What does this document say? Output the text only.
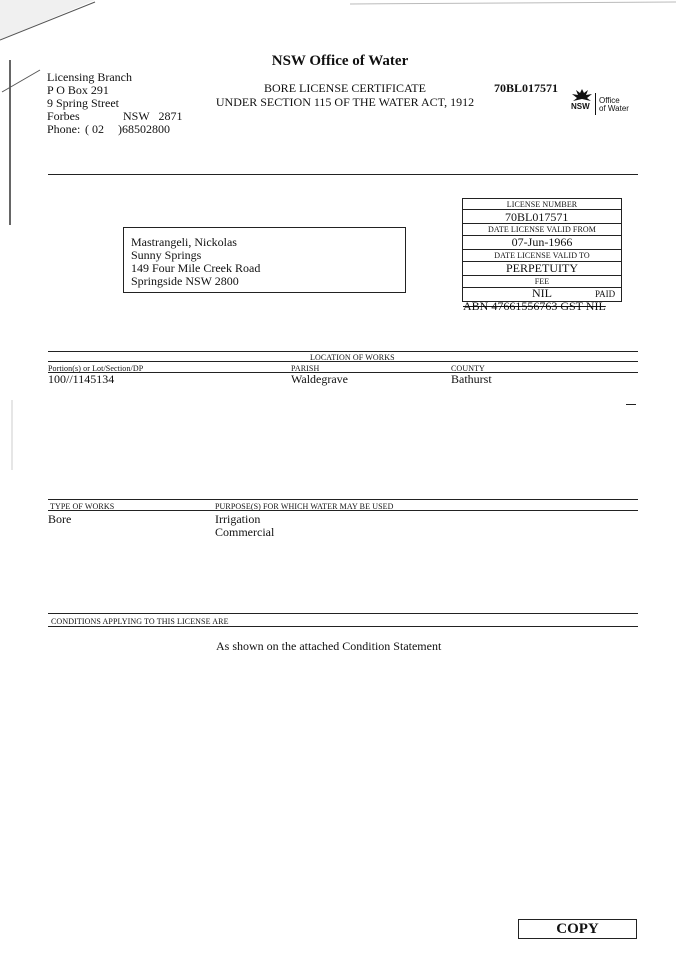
NSW Office of Water
BORE LICENSE CERTIFICATE
UNDER SECTION 115 OF THE WATER ACT, 1912
70BL017571
NSW
Office
of Water
Licensing Branch
P O Box 291
9 Spring Street
Forbes	NSW   2871
Phone: ( 02 )68502800
Mastrangeli, Nickolas
Sunny Springs
149 Four Mile Creek Road
Springside NSW 2800
LICENSE NUMBER
70BL017571
DATE LICENSE VALID FROM
07-Jun-1966
DATE LICENSE VALID TO
PERPETUITY
FEE
NIL	PAID
ABN 47661556763 GST NIL
LOCATION OF WORKS
Portion(s) or Lot/Section/DP	PARISH	COUNTY
100//1145134	Waldegrave	Bathurst
TYPE OF WORKS	PURPOSE(S) FOR WHICH WATER MAY BE USED
Bore	Irrigation
Commercial
CONDITIONS APPLYING TO THIS LICENSE ARE
As shown on the attached Condition Statement
COPY
